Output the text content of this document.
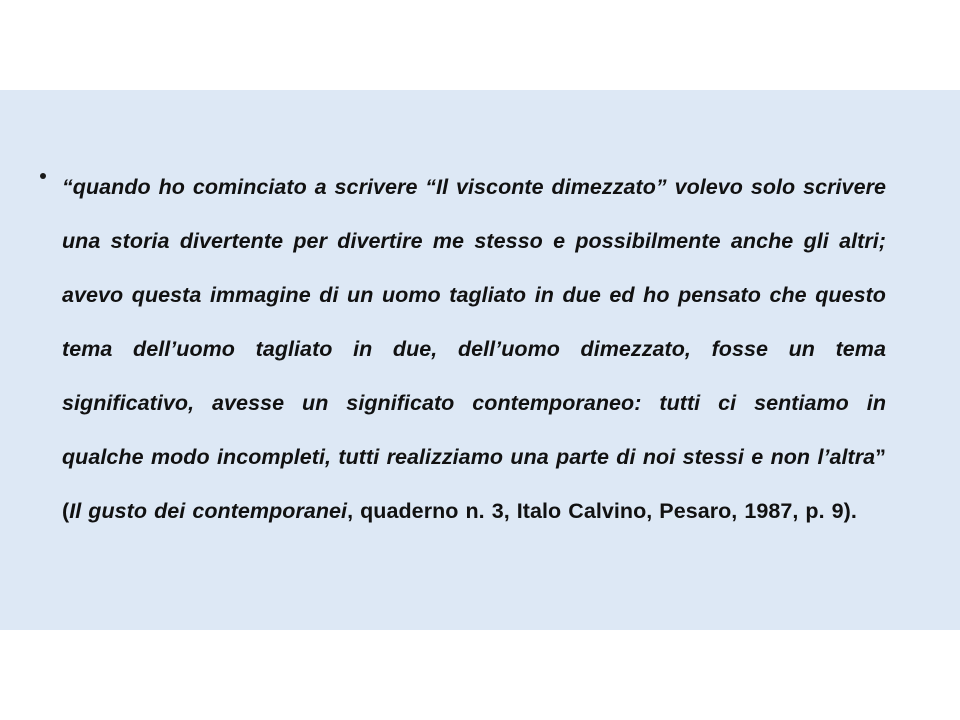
“quando ho cominciato a scrivere “Il visconte dimezzato” volevo solo scrivere una storia divertente per divertire me stesso e possibilmente anche gli altri; avevo questa immagine di un uomo tagliato in due ed ho pensato che questo tema dell’uomo tagliato in due, dell’uomo dimezzato, fosse un tema significativo, avesse un significato contemporaneo: tutti ci sentiamo in qualche modo incompleti, tutti realizziamo una parte di noi stessi e non l’altra” (Il gusto dei contemporanei, quaderno n. 3, Italo Calvino, Pesaro, 1987, p. 9).
